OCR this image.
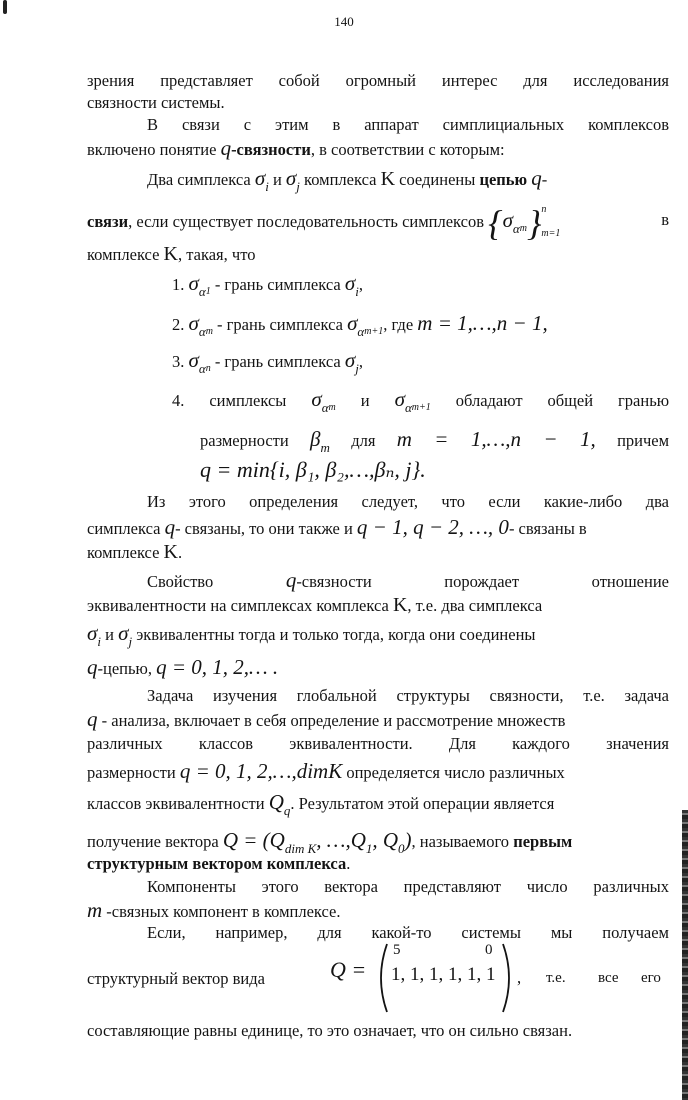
140
зрения представляет собой огромный интерес для исследования
связности системы.
В связи с этим в аппарат симплициальных комплексов
включено понятие q-связности, в соответствии с которым:
Два симплекса $\sigma_i$ и $\sigma_j$ комплекса K соединены цепью q-
связи, если существует последовательность симплексов $\{\sigma_{\alpha m}\}$ n
m=1
в
комплексе K, такая, что
1. $\sigma_{\alpha 1}$ - грань симплекса $\sigma_i$,
2. $\sigma_{\alpha m}$ - грань симплекса $\sigma_{\alpha m+1}$, где m = 1,…,n − 1,
3. $\sigma_{\alpha n}$ - грань симплекса $\sigma_j$,
4. симплексы $\sigma_{\alpha m}$ и $\sigma_{\alpha m+1}$ обладают общей гранью
размерности $\beta_m$ для m = 1,…,n − 1, причем
q = min{i, β₁, β₂,…,βₙ, j}.
Из этого определения следует, что если какие-либо два
симплекса q- связаны, то они также и q − 1, q − 2, …, 0- связаны в
комплексе K.
Свойство	q-связности	порождает	отношение
эквивалентности на симплексах комплекса K, т.е. два симплекса
$\sigma_i$ и $\sigma_j$ эквивалентны тогда и только тогда, когда они соединены
q-цепью, q = 0, 1, 2,… .
Задача изучения глобальной структуры связности, т.е. задача
q - анализа, включает в себя определение и рассмотрение множеств
различных классов эквивалентности. Для каждого значения
размерности q = 0, 1, 2,…,dimK определяется число различных
классов эквивалентности $Q_q$. Результатом этой операции является
получение вектора $Q = (Q_{dim K}$, $\dots,Q_1$, $Q_0$), называемого первым
структурным вектором комплекса.
Компоненты этого вектора представляют число различных
m -связных компонент в комплексе.
Если, например, для какой-то системы мы получаем
структурный вектор вида	Q =
5	0
1, 1, 1, 1, 1, 1 , т.е. все его
составляющие равны единице, то это означает, что он сильно связан.
